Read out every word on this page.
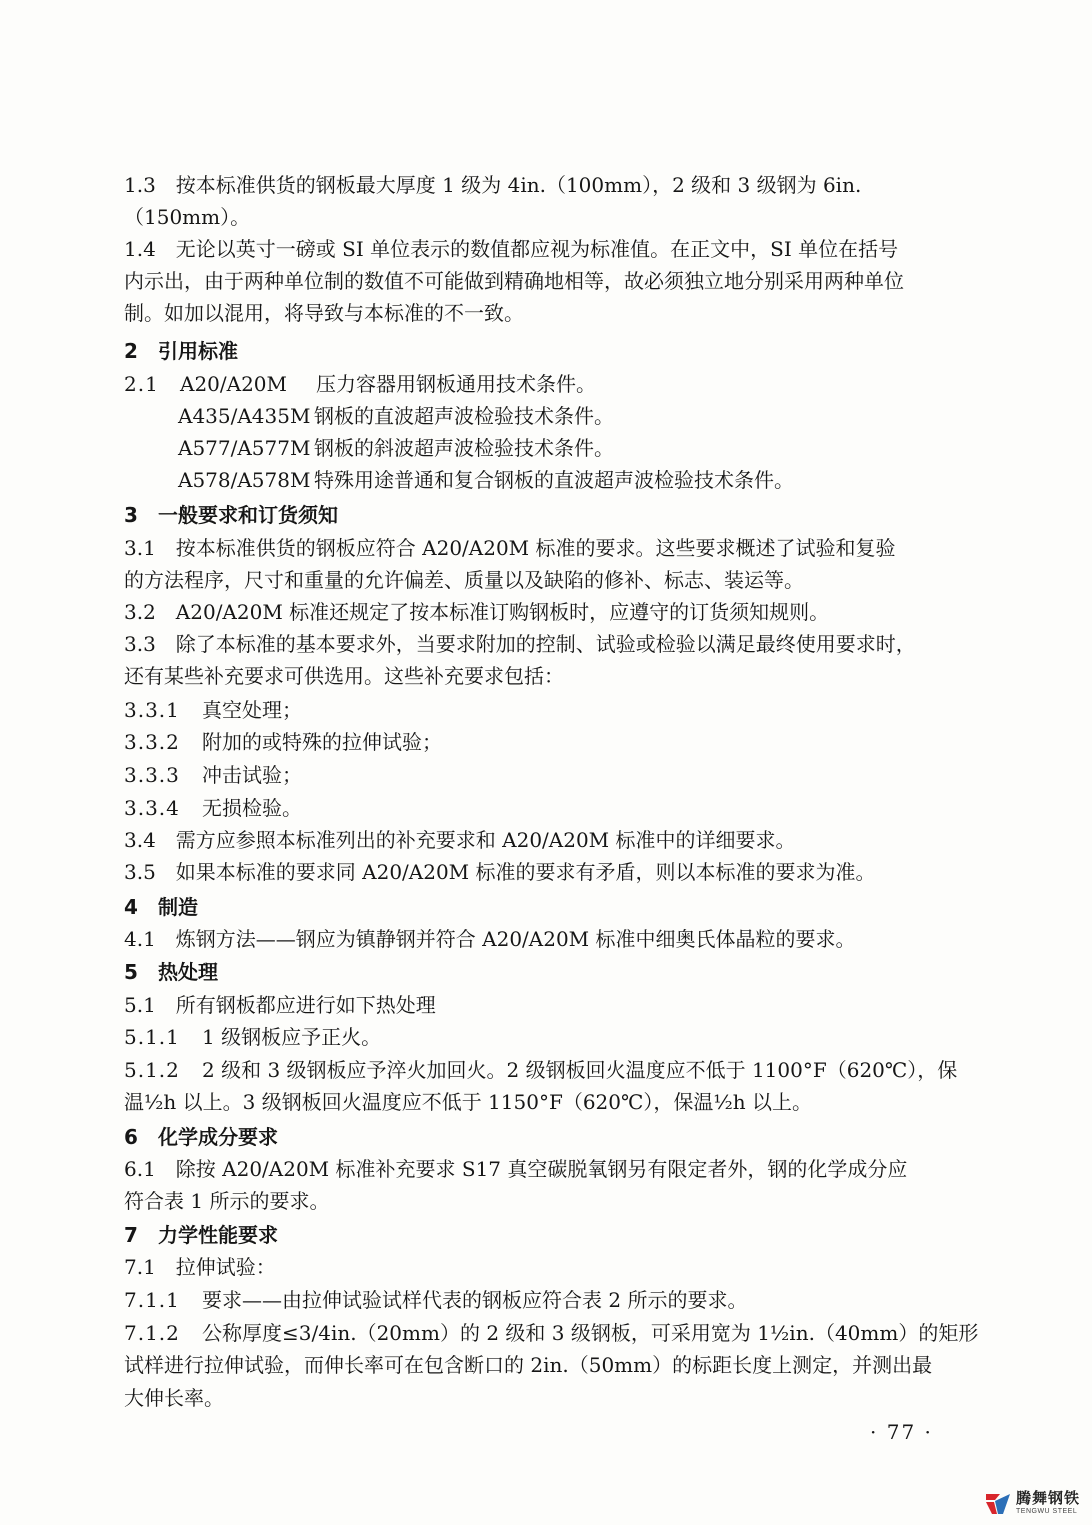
1.3　按本标准供货的钢板最大厚度 1 级为 4in.（100mm），2 级和 3 级钢为 6in.
（150mm）。
1.4　无论以英寸一磅或 SI 单位表示的数值都应视为标准值。在正文中，SI 单位在括号
内示出，由于两种单位制的数值不可能做到精确地相等，故必须独立地分别采用两种单位
制。如加以混用，将导致与本标准的不一致。
2 引用标准
2.1 A20/A20M 压力容器用钢板通用技术条件。
A435/A435M 钢板的直波超声波检验技术条件。
A577/A577M 钢板的斜波超声波检验技术条件。
A578/A578M 特殊用途普通和复合钢板的直波超声波检验技术条件。
3 一般要求和订货须知
3.1　按本标准供货的钢板应符合 A20/A20M 标准的要求。这些要求概述了试验和复验
的方法程序，尺寸和重量的允许偏差、质量以及缺陷的修补、标志、装运等。
3.2　A20/A20M 标准还规定了按本标准订购钢板时，应遵守的订货须知规则。
3.3　除了本标准的基本要求外，当要求附加的控制、试验或检验以满足最终使用要求时，
还有某些补充要求可供选用。这些补充要求包括：
3.3.1 真空处理；
3.3.2 附加的或特殊的拉伸试验；
3.3.3 冲击试验；
3.3.4 无损检验。
3.4　需方应参照本标准列出的补充要求和 A20/A20M 标准中的详细要求。
3.5　如果本标准的要求同 A20/A20M 标准的要求有矛盾，则以本标准的要求为准。
4 制造
4.1　炼钢方法——钢应为镇静钢并符合 A20/A20M 标准中细奥氏体晶粒的要求。
5 热处理
5.1　所有钢板都应进行如下热处理
5.1.1 1 级钢板应予正火。
5.1.2 2 级和 3 级钢板应予淬火加回火。2 级钢板回火温度应不低于 1100°F（620℃），保
温½h 以上。3 级钢板回火温度应不低于 1150°F（620℃），保温½h 以上。
6 化学成分要求
6.1　除按 A20/A20M 标准补充要求 S17 真空碳脱氧钢另有限定者外，钢的化学成分应
符合表 1 所示的要求。
7 力学性能要求
7.1　拉伸试验：
7.1.1 要求——由拉伸试验试样代表的钢板应符合表 2 所示的要求。
7.1.2 公称厚度≤3/4in.（20mm）的 2 级和 3 级钢板，可采用宽为 1½in.（40mm）的矩形
试样进行拉伸试验，而伸长率可在包含断口的 2in.（50mm）的标距长度上测定，并测出最
大伸长率。
· 77 ·
腾舞钢铁
TENGWU STEEL
